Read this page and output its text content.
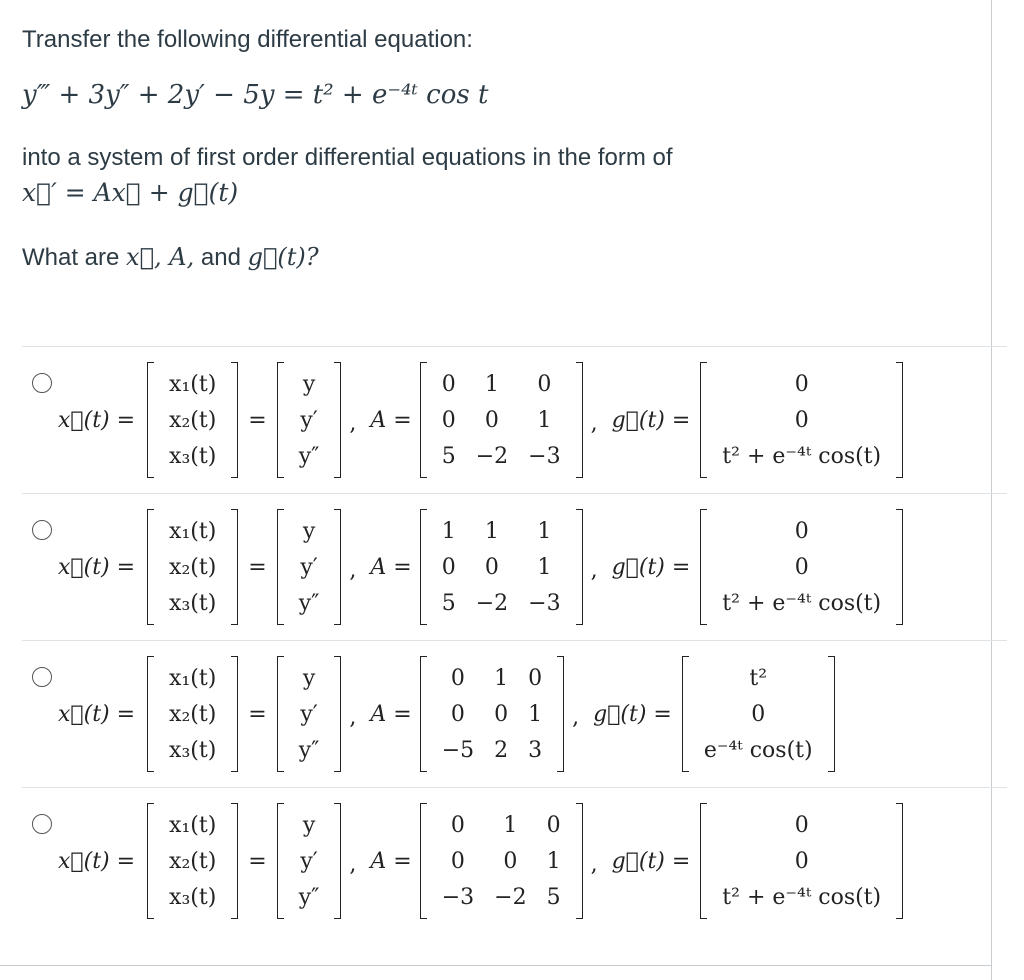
Transfer the following differential equation:

y‴ + 3y″ + 2y′ − 5y = t² + e⁻⁴ᵗ cos t

into a system of first order differential equations in the form of

x⃗′ = Ax⃗ + g⃗(t)

What are x⃗, A, and g⃗(t)?

x⃗(t) =
x₁(t)
x₂(t)
x₃(t)
=
y
y′
y″
, A =
0	1	0
0	0	1
5	−2	−3
, g⃗(t) =
0
0
t² + e⁻⁴ᵗ cos(t)
x⃗(t) =
x₁(t)
x₂(t)
x₃(t)
=
y
y′
y″
, A =
1	1	1
0	0	1
5	−2	−3
, g⃗(t) =
0
0
t² + e⁻⁴ᵗ cos(t)
x⃗(t) =
x₁(t)
x₂(t)
x₃(t)
=
y
y′
y″
, A =
0	1	0
0	0	1
−5	2	3
, g⃗(t) =
t²
0
e⁻⁴ᵗ cos(t)
x⃗(t) =
x₁(t)
x₂(t)
x₃(t)
=
y
y′
y″
, A =
0	1	0
0	0	1
−3	−2	5
, g⃗(t) =
0
0
t² + e⁻⁴ᵗ cos(t)
